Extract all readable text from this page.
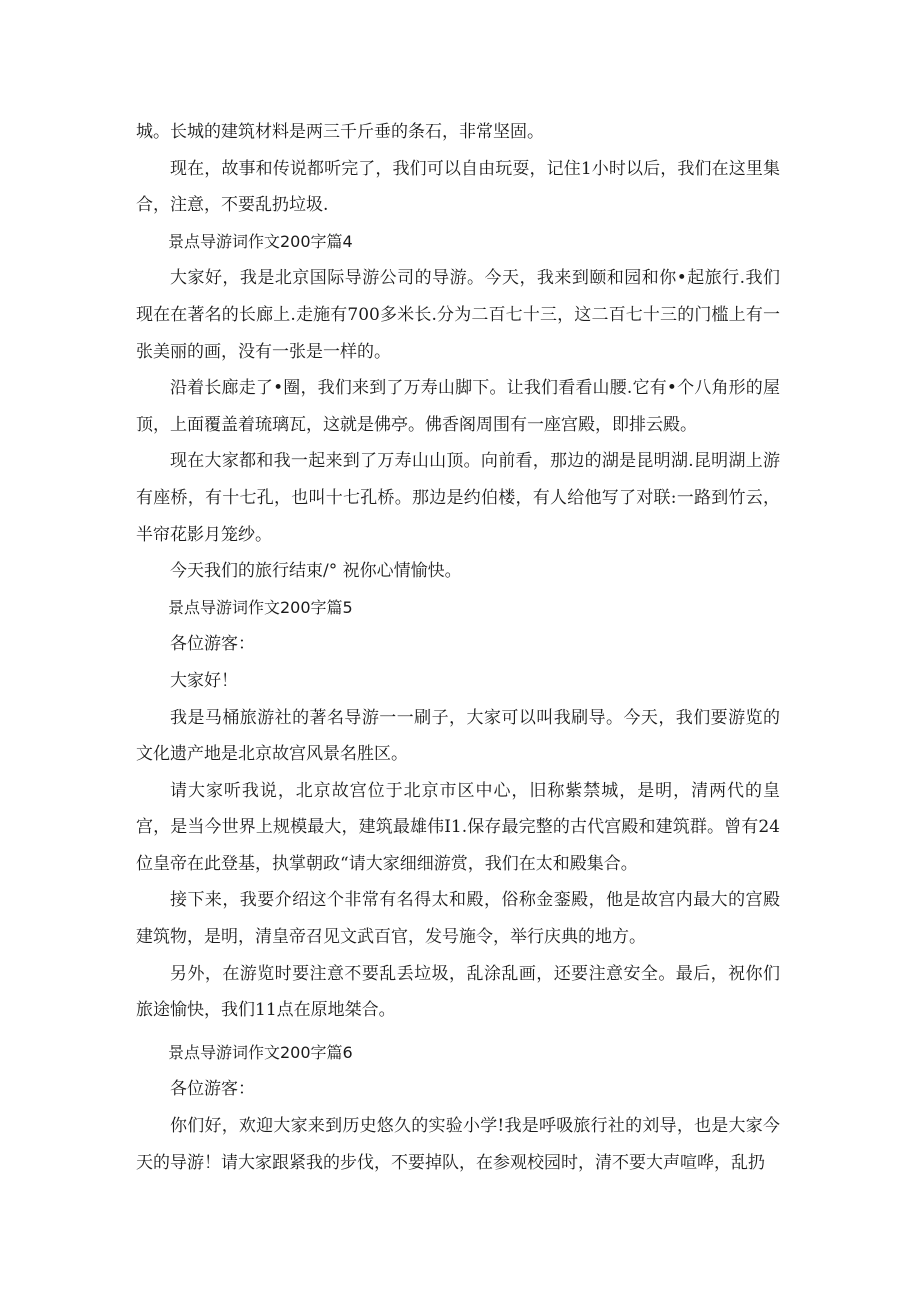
城。长城的建筑材料是两三千斤垂的条石，非常坚固。

现在，故事和传说都听完了，我们可以自由玩耍，记住1小时以后，我们在这里集合，注意，不要乱扔垃圾.

景点导游词作文200字篇4

大家好，我是北京国际导游公司的导游。今天，我来到颐和园和你•起旅行.我们现在在著名的长廊上.走施有700多米长.分为二百七十三，这二百七十三的门槛上有一张美丽的画，没有一张是一样的。

沿着长廊走了•圈，我们来到了万寿山脚下。让我们看看山腰.它有•个八角形的屋顶，上面覆盖着琉璃瓦，这就是佛亭。佛香阁周围有一座宫殿，即排云殿。

现在大家都和我一起来到了万寿山山顶。向前看，那边的湖是昆明湖.昆明湖上游有座桥，有十七孔，也叫十七孔桥。那边是约伯楼，有人给他写了对联:一路到竹云，半帘花影月笼纱。

今天我们的旅行结束/° 祝你心情愉快。

景点导游词作文200字篇5

各位游客：

大家好！

我是马桶旅游社的著名导游一一刷子，大家可以叫我刷导。今天，我们要游览的文化遗产地是北京故宫风景名胜区。

请大家听我说，北京故宫位于北京市区中心，旧称紫禁城，是明，清两代的皇宫，是当今世界上规模最大，建筑最雄伟I1.保存最完整的古代宫殿和建筑群。曾有24位皇帝在此登基，执掌朝政“请大家细细游赏，我们在太和殿集合。

接下来，我要介绍这个非常有名得太和殿，俗称金銮殿，他是故宫内最大的宫殿建筑物，是明，清皇帝召见文武百官，发号施令，举行庆典的地方。

另外，在游览时要注意不要乱丢垃圾，乱涂乱画，还要注意安全。最后，祝你们旅途愉快，我们11点在原地桀合。

景点导游词作文200字篇6

各位游客：

你们好，欢迎大家来到历史悠久的实验小学!我是呼吸旅行社的刘导，也是大家今天的导游！请大家跟紧我的步伐，不要掉队，在参观校园时，清不要大声喧哗，乱扔
